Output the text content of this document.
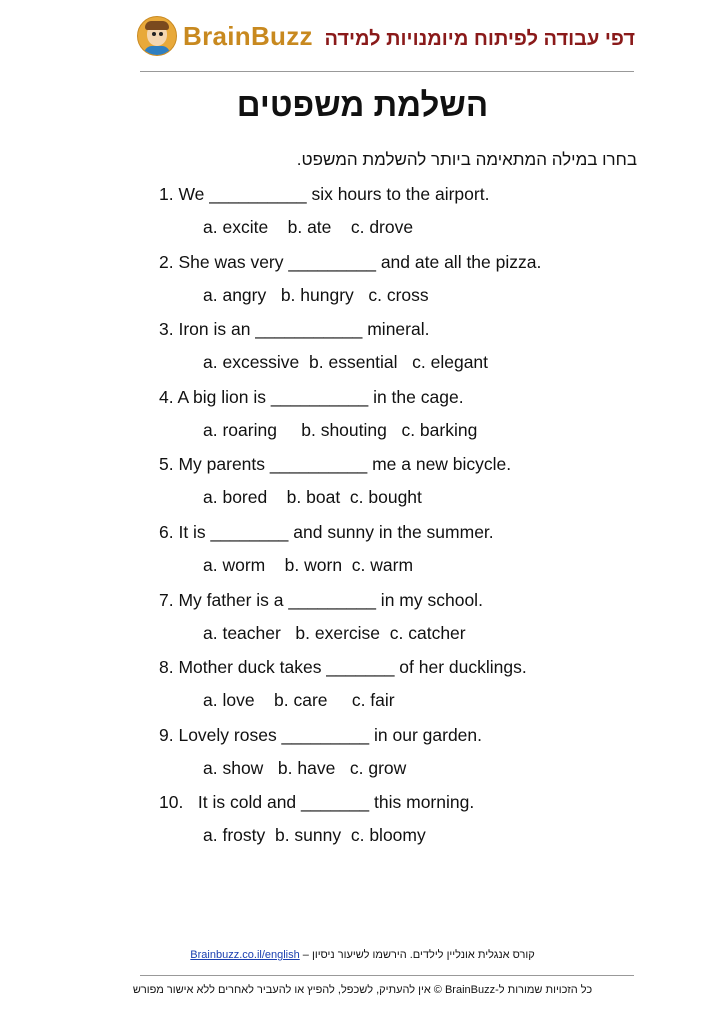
BrainBuzz דפי עבודה לפיתוח מיומנויות למידה
השלמת משפטים
בחרו במילה המתאימה ביותר להשלמת המשפט.
1. We __________ six hours to the airport.
a. excite    b. ate    c. drove
2. She was very _________ and ate all the pizza.
a. angry   b. hungry   c. cross
3. Iron is an ___________ mineral.
a. excessive  b. essential   c. elegant
4. A big lion is __________ in the cage.
a. roaring     b. shouting   c. barking
5. My parents __________ me a new bicycle.
a. bored    b. boat  c. bought
6. It is ________ and sunny in the summer.
a. worm    b. worn  c. warm
7. My father is a _________ in my school.
a. teacher   b. exercise  c. catcher
8. Mother duck takes _______ of her ducklings.
a. love    b. care     c. fair
9. Lovely roses _________ in our garden.
a. show   b. have   c. grow
10.   It is cold and _______ this morning.
a. frosty  b. sunny  c. bloomy
Brainbuzz.co.il/english – קורס אנגלית אונליין לילדים. הירשמו לשיעור ניסיון
כל הזכויות שמורות ל-BrainBuzz © אין להעתיק, לשכפל, להפיץ או להעביר לאחרים ללא אישור מפורש
